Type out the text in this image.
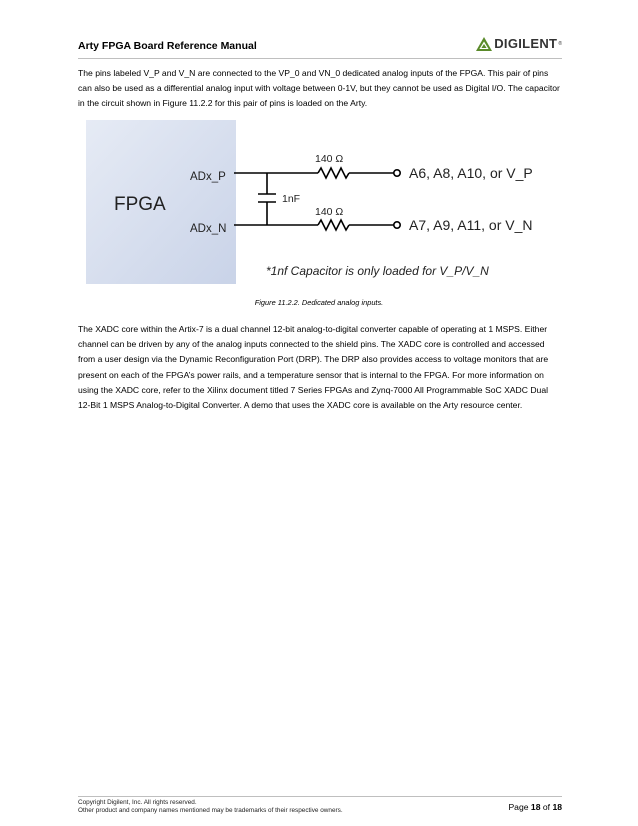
Arty FPGA Board Reference Manual	DIGILENT ®
The pins labeled V_P and V_N are connected to the VP_0 and VN_0 dedicated analog inputs of the FPGA. This pair of pins can also be used as a differential analog input with voltage between 0-1V, but they cannot be used as Digital I/O. The capacitor in the circuit shown in Figure 11.2.2 for this pair of pins is loaded on the Arty.
FPGA
ADx_P
ADx_N
140 Ω
140 Ω
1nF
A6, A8, A10, or V_P
A7, A9, A11, or V_N
*1nf Capacitor is only loaded for V_P/V_N
Figure 11.2.2. Dedicated analog inputs.
The XADC core within the Artix-7 is a dual channel 12-bit analog-to-digital converter capable of operating at 1 MSPS. Either channel can be driven by any of the analog inputs connected to the shield pins. The XADC core is controlled and accessed from a user design via the Dynamic Reconfiguration Port (DRP). The DRP also provides access to voltage monitors that are present on each of the FPGA’s power rails, and a temperature sensor that is internal to the FPGA. For more information on using the XADC core, refer to the Xilinx document titled 7 Series FPGAs and Zynq-7000 All Programmable SoC XADC Dual 12-Bit 1 MSPS Analog-to-Digital Converter. A demo that uses the XADC core is available on the Arty resource center.
Copyright Digilent, Inc. All rights reserved.
Other product and company names mentioned may be trademarks of their respective owners.	Page 18 of 18
